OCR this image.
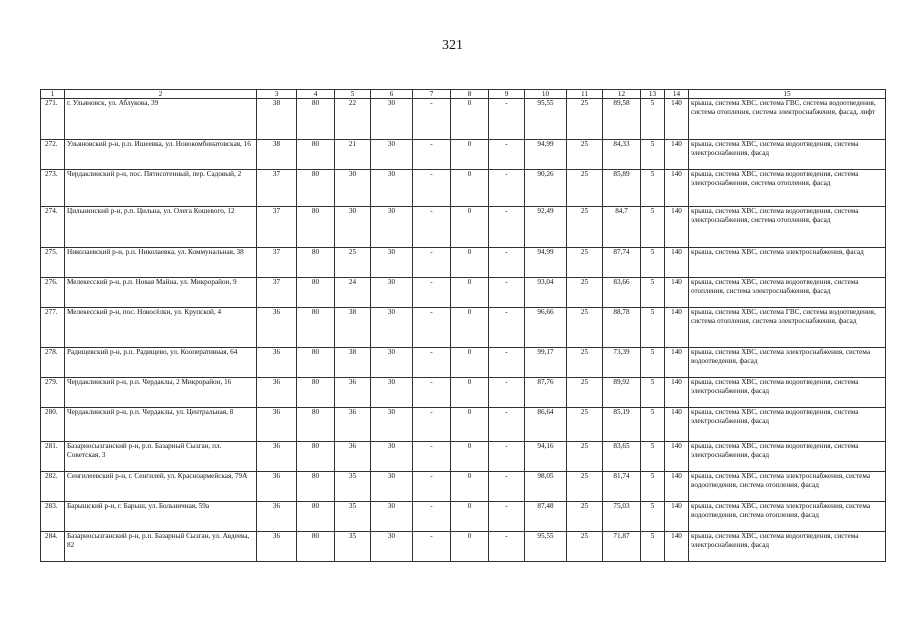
321
1	2	3	4	5	6	7	8	9	10	11	12	13	14	15
271.	г. Ульяновск, ул. Аблукова, 39	38	80	22	30	-	0	-	95,55	25	89,58	5	140	крыша, система ХВС, система ГВС, система водоотведения, система отопления, система электроснабжения, фасад, лифт
272.	Ульяновский р-н, р.п. Ишеевка, ул. Новокомбинатовская, 16	38	80	21	30	-	0	-	94,99	25	84,33	5	140	крыша, система ХВС, система водоотведения, система электроснабжения, фасад
273.	Чердаклинский р-н, пос. Пятисотенный, пер. Садовый, 2	37	80	30	30	-	0	-	90,26	25	85,89	5	140	крыша, система ХВС, система водоотведения, система электроснабжения, система отопления, фасад
274.	Цильнинский р-н, р.п. Цильна, ул. Олега Кошевого, 12	37	80	30	30	-	0	-	92,49	25	84,7	5	140	крыша, система ХВС, система водоотведения, система электроснабжения, система отопления, фасад
275.	Николаевский р-н, р.п. Николаевка, ул. Коммунальная, 38	37	80	25	30	-	0	-	94,99	25	87,74	5	140	крыша, система ХВС, система электроснабжения, фасад
276.	Мелекесский р-н, р.п. Новая Майна, ул. Микрорайон, 9	37	80	24	30	-	0	-	93,04	25	83,66	5	140	крыша, система ХВС, система водоотведения, система отопления, система электроснабжения, фасад
277.	Мелекесский р-н, пос. Новосёлки, ул. Крупской, 4	36	80	38	30	-	0	-	96,66	25	88,78	5	140	крыша, система ХВС, система ГВС, система водоотведения, система отопления, система электроснабжения, фасад
278.	Радищевский р-н, р.п. Радищево, ул. Кооперативная, 64	36	80	38	30	-	0	-	99,17	25	73,39	5	140	крыша, система ХВС, система электроснабжения, система водоотведения, фасад
279.	Чердаклинский р-н, р.п. Чердаклы, 2 Микрорайон, 16	36	80	36	30	-	0	-	87,76	25	89,92	5	140	крыша, система ХВС, система водоотведения, система электроснабжения, фасад
280.	Чердаклинский р-н, р.п. Чердаклы, ул. Центральная, 8	36	80	36	30	-	0	-	86,64	25	85,19	5	140	крыша, система ХВС, система водоотведения, система электроснабжения, фасад
281.	Базарносызганский р-н, р.п. Базарный Сызган, пл. Советская, 3	36	80	36	30	-	0	-	94,16	25	83,65	5	140	крыша, система ХВС, система водоотведения, система электроснабжения, фасад
282.	Сенгилеевский р-н, г. Сенгилей, ул. Красноармейская, 79А	36	80	35	30	-	0	-	98,05	25	81,74	5	140	крыша, система ХВС, система электроснабжения, система водоотведения, система отопления, фасад
283.	Барышский р-н, г. Барыш, ул. Больничная, 59а	36	80	35	30	-	0	-	87,48	25	75,03	5	140	крыша, система ХВС, система электроснабжения, система водоотведения, система отопления, фасад
284.	Базарносызганский р-н, р.п. Базарный Сызган, ул. Авдеева, 82	36	80	35	30	-	0	-	95,55	25	71,87	5	140	крыша, система ХВС, система водоотведения, система электроснабжения, фасад
